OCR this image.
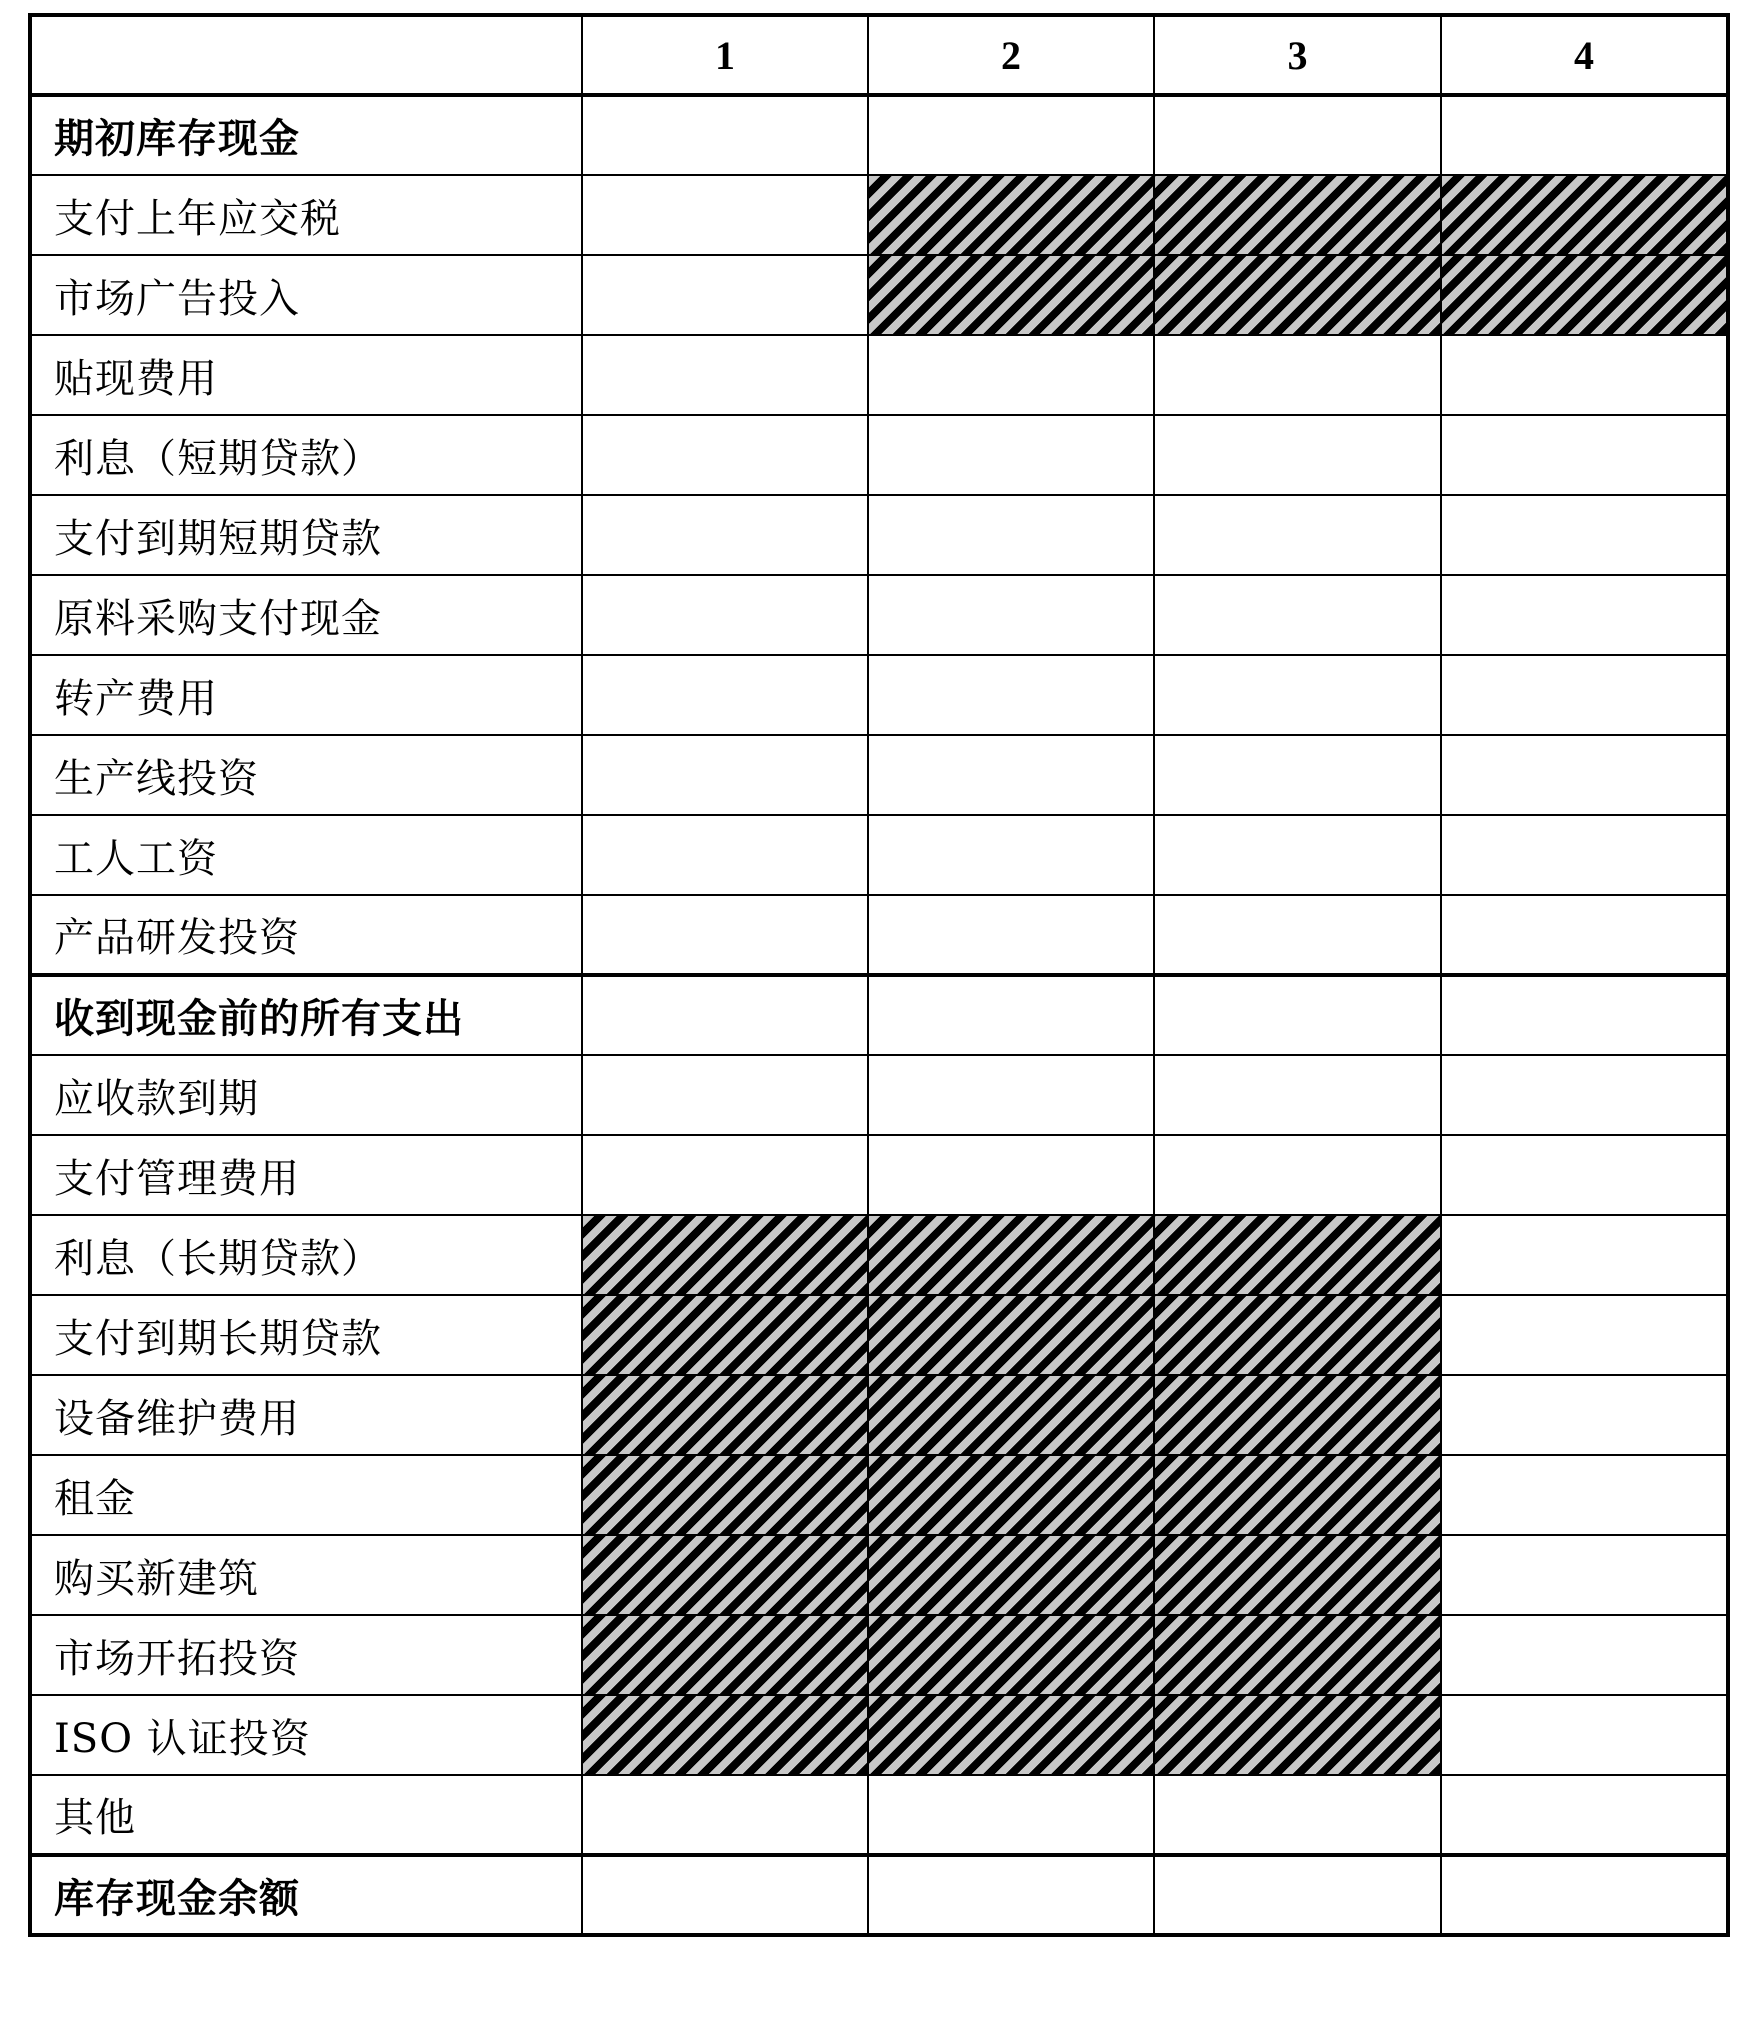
	1	2	3	4
期初库存现金				
支付上年应交税				
市场广告投入				
贴现费用				
利息（短期贷款）				
支付到期短期贷款				
原料采购支付现金				
转产费用				
生产线投资				
工人工资				
产品研发投资				
收到现金前的所有支出				
应收款到期				
支付管理费用				
利息（长期贷款）				
支付到期长期贷款				
设备维护费用				
租金				
购买新建筑				
市场开拓投资				
ISO 认证投资				
其他				
库存现金余额				
